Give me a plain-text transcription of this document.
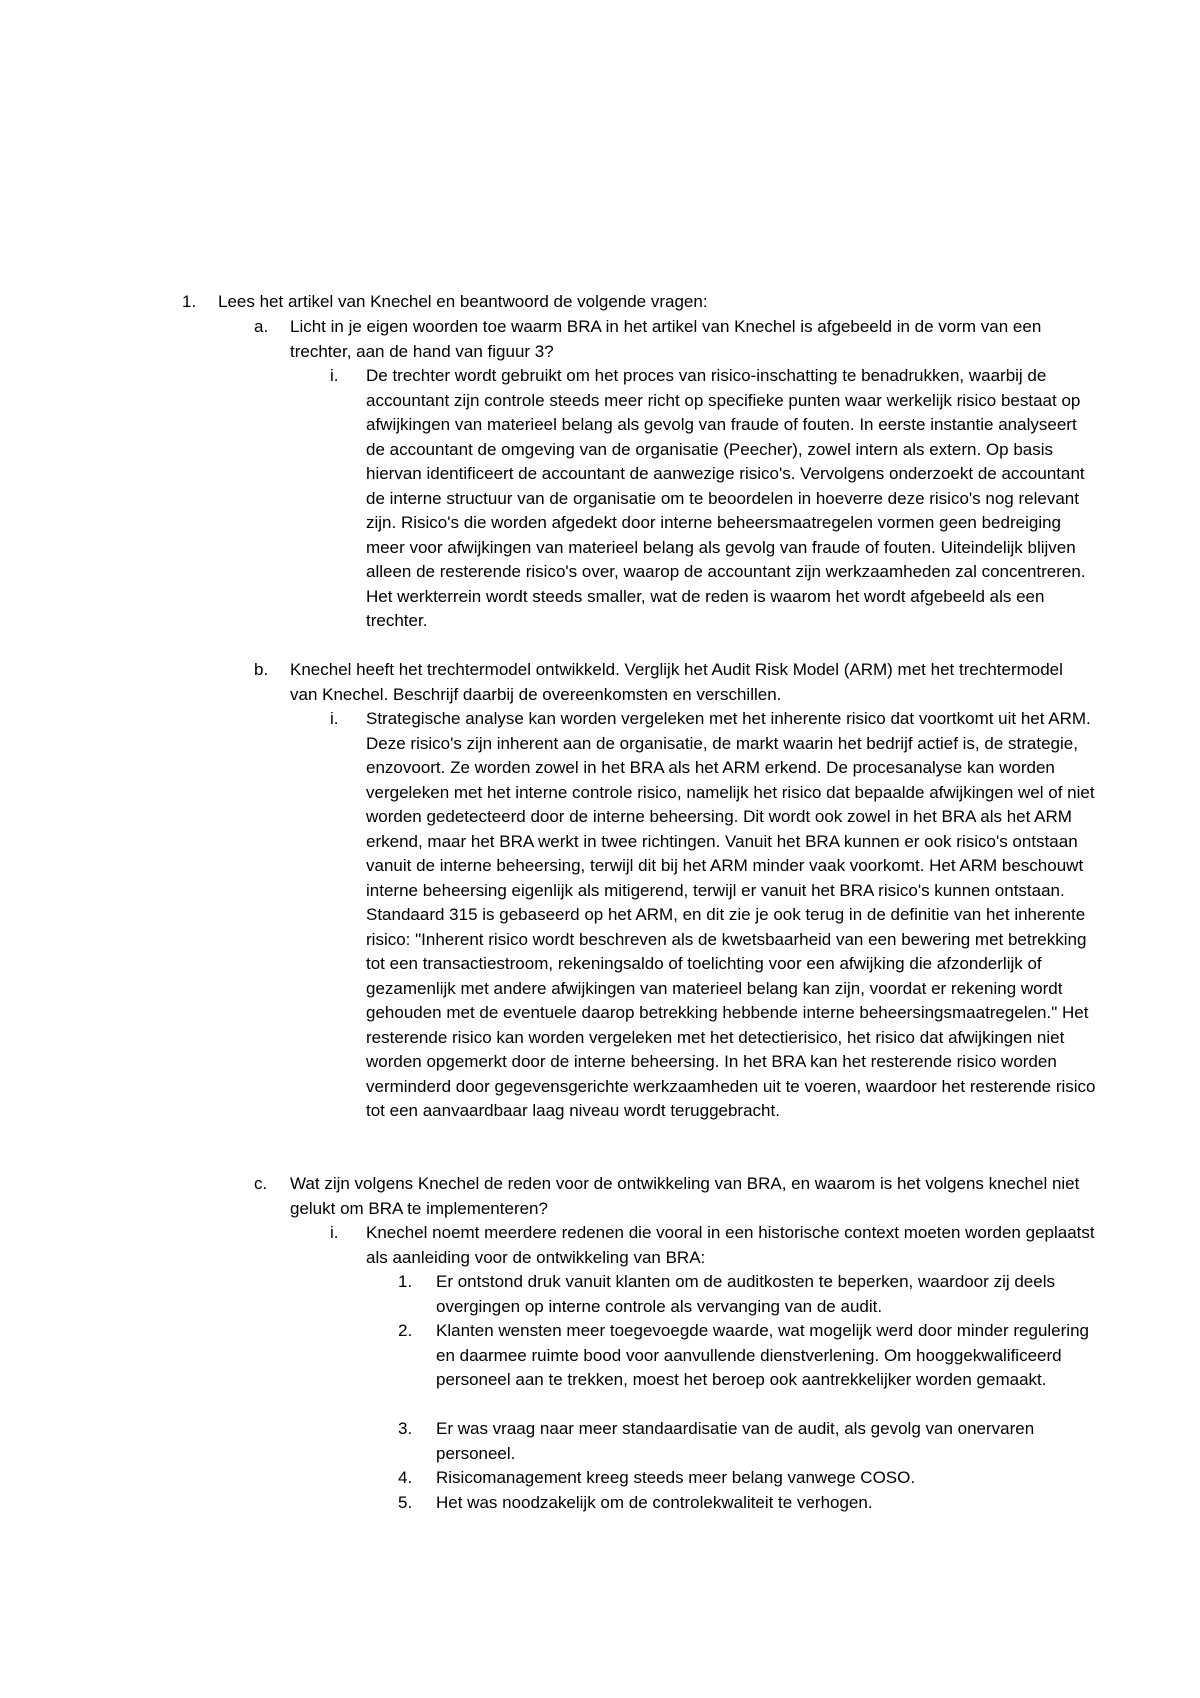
1. Lees het artikel van Knechel en beantwoord de volgende vragen:
a. Licht in je eigen woorden toe waarm BRA in het artikel van Knechel is afgebeeld in de vorm van een trechter, aan de hand van figuur 3?
i. De trechter wordt gebruikt om het proces van risico-inschatting te benadrukken, waarbij de accountant zijn controle steeds meer richt op specifieke punten waar werkelijk risico bestaat op afwijkingen van materieel belang als gevolg van fraude of fouten. In eerste instantie analyseert de accountant de omgeving van de organisatie (Peecher), zowel intern als extern. Op basis hiervan identificeert de accountant de aanwezige risico's. Vervolgens onderzoekt de accountant de interne structuur van de organisatie om te beoordelen in hoeverre deze risico's nog relevant zijn. Risico's die worden afgedekt door interne beheersmaatregelen vormen geen bedreiging meer voor afwijkingen van materieel belang als gevolg van fraude of fouten. Uiteindelijk blijven alleen de resterende risico's over, waarop de accountant zijn werkzaamheden zal concentreren. Het werkterrein wordt steeds smaller, wat de reden is waarom het wordt afgebeeld als een trechter.
b. Knechel heeft het trechtermodel ontwikkeld. Verglijk het Audit Risk Model (ARM) met het trechtermodel van Knechel. Beschrijf daarbij de overeenkomsten en verschillen.
i. Strategische analyse kan worden vergeleken met het inherente risico dat voortkomt uit het ARM. Deze risico's zijn inherent aan de organisatie, de markt waarin het bedrijf actief is, de strategie, enzovoort. Ze worden zowel in het BRA als het ARM erkend. De procesanalyse kan worden vergeleken met het interne controle risico, namelijk het risico dat bepaalde afwijkingen wel of niet worden gedetecteerd door de interne beheersing. Dit wordt ook zowel in het BRA als het ARM erkend, maar het BRA werkt in twee richtingen. Vanuit het BRA kunnen er ook risico's ontstaan vanuit de interne beheersing, terwijl dit bij het ARM minder vaak voorkomt. Het ARM beschouwt interne beheersing eigenlijk als mitigerend, terwijl er vanuit het BRA risico's kunnen ontstaan. Standaard 315 is gebaseerd op het ARM, en dit zie je ook terug in de definitie van het inherente risico: "Inherent risico wordt beschreven als de kwetsbaarheid van een bewering met betrekking tot een transactiestroom, rekeningsaldo of toelichting voor een afwijking die afzonderlijk of gezamenlijk met andere afwijkingen van materieel belang kan zijn, voordat er rekening wordt gehouden met de eventuele daarop betrekking hebbende interne beheersingsmaatregelen." Het resterende risico kan worden vergeleken met het detectierisico, het risico dat afwijkingen niet worden opgemerkt door de interne beheersing. In het BRA kan het resterende risico worden verminderd door gegevensgerichte werkzaamheden uit te voeren, waardoor het resterende risico tot een aanvaardbaar laag niveau wordt teruggebracht.
c. Wat zijn volgens Knechel de reden voor de ontwikkeling van BRA, en waarom is het volgens knechel niet gelukt om BRA te implementeren?
i. Knechel noemt meerdere redenen die vooral in een historische context moeten worden geplaatst als aanleiding voor de ontwikkeling van BRA:
1. Er ontstond druk vanuit klanten om de auditkosten te beperken, waardoor zij deels overgingen op interne controle als vervanging van de audit.
2. Klanten wensten meer toegevoegde waarde, wat mogelijk werd door minder regulering en daarmee ruimte bood voor aanvullende dienstverlening. Om hooggekwalificeerd personeel aan te trekken, moest het beroep ook aantrekkelijker worden gemaakt.
3. Er was vraag naar meer standaardisatie van de audit, als gevolg van onervaren personeel.
4. Risicomanagement kreeg steeds meer belang vanwege COSO.
5. Het was noodzakelijk om de controlekwaliteit te verhogen.
